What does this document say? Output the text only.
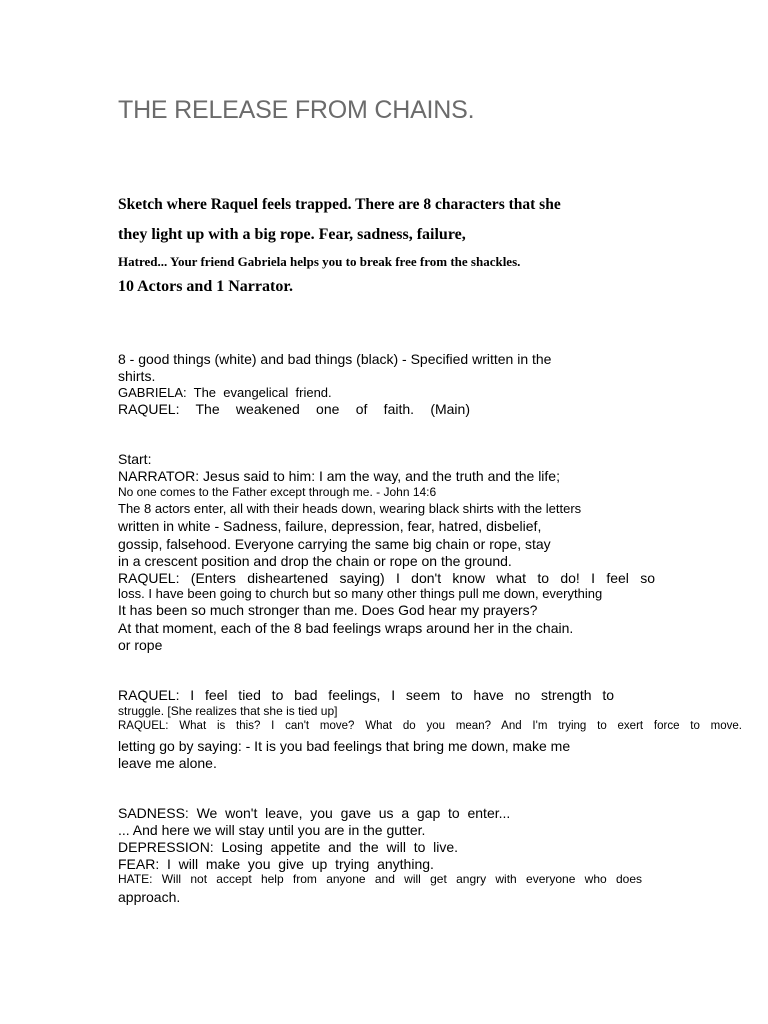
THE RELEASE FROM CHAINS.
Sketch where Raquel feels trapped. There are 8 characters that she
they light up with a big rope. Fear, sadness, failure,
Hatred... Your friend Gabriela helps you to break free from the shackles.
10 Actors and 1 Narrator.
8 - good things (white) and bad things (black) - Specified written in the
shirts.
GABRIELA:  The  evangelical  friend.
RAQUEL: The weakened one of faith. (Main)
Start:
NARRATOR: Jesus said to him: I am the way, and the truth and the life;
No one comes to the Father except through me. - John 14:6
The 8 actors enter, all with their heads down, wearing black shirts with the letters
written in white - Sadness, failure, depression, fear, hatred, disbelief,
gossip, falsehood. Everyone carrying the same big chain or rope, stay
in a crescent position and drop the chain or rope on the ground.
RAQUEL: (Enters disheartened saying) I don't know what to do! I feel so
loss. I have been going to church but so many other things pull me down, everything
It has been so much stronger than me. Does God hear my prayers?
At that moment, each of the 8 bad feelings wraps around her in the chain.
or rope
RAQUEL: I feel tied to bad feelings, I seem to have no strength to
struggle. [She realizes that she is tied up]
RAQUEL: What is this? I can't move? What do you mean? And I'm trying to exert force to move.
letting go by saying: - It is you bad feelings that bring me down, make me
leave me alone.
SADNESS:  We  won't  leave,  you  gave  us  a  gap  to  enter...
... And here we will stay until you are in the gutter.
DEPRESSION:  Losing  appetite  and  the  will  to  live.
FEAR:  I  will  make  you  give  up  trying  anything.
HATE: Will not accept help from anyone and will get angry with everyone who does
approach.
